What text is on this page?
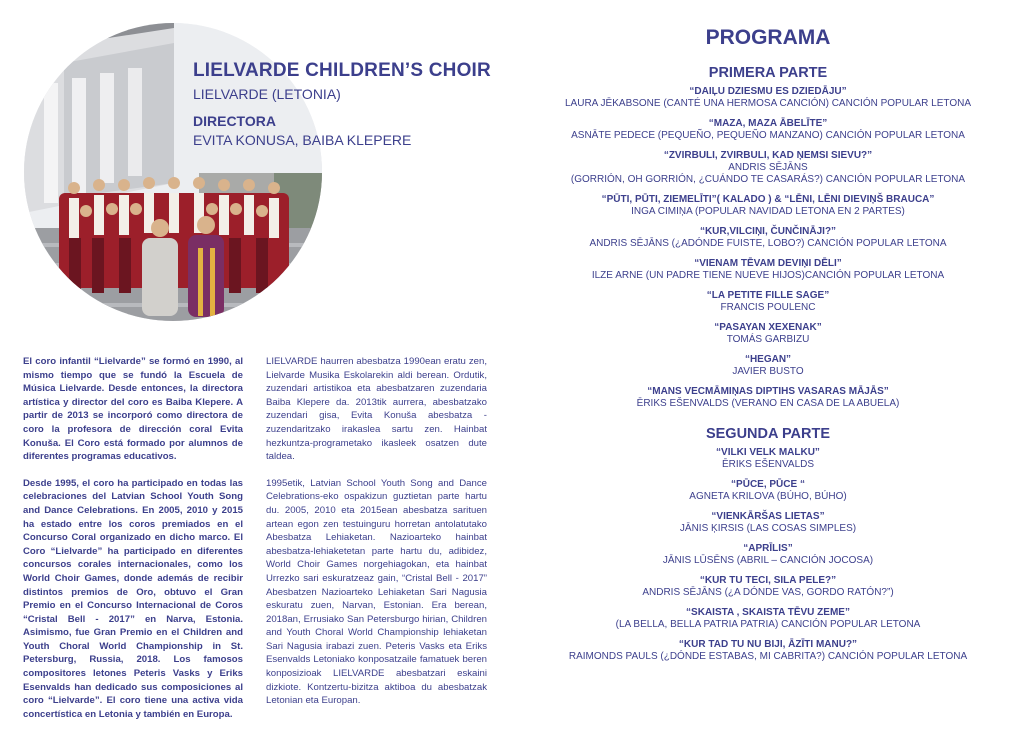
LIELVARDE CHILDREN’S CHOIR
LIELVARDE (LETONIA)
DIRECTORA
EVITA KONUSA, BAIBA KLEPERE

El coro infantil “Lielvarde” se formó en 1990, al mismo tiempo que se fundó la Escuela de Música Lielvarde. Desde entonces, la directora artística y director del coro es Baiba Klepere. A partir de 2013 se incorporó como directora de coro la profesora de dirección coral Evita Konuša. El Coro está formado por alumnos de diferentes programas educativos.

Desde 1995, el coro ha participado en todas las celebraciones del Latvian School Youth Song and Dance Celebrations. En 2005, 2010 y 2015 ha estado entre los coros premiados en el Concurso Coral organizado en dicho marco. El Coro “Lielvarde” ha participado en diferentes concursos corales internacionales, como los World Choir Games, donde además de recibir distintos premios de Oro, obtuvo el Gran Premio en el Concurso Internacional de Coros “Cristal Bell - 2017” en Narva, Estonia. Asimismo, fue Gran Premio en el Children and Youth Choral World Championship in St. Petersburg, Russia, 2018. Los famosos compositores letones Peteris Vasks y Eriks Esenvalds han dedicado sus composiciones al coro “Lielvarde”. El coro tiene una activa vida concertística en Letonia y también en Europa.

LIELVARDE haurren abesbatza 1990ean eratu zen, Lielvarde Musika Eskolarekin aldi berean. Ordutik, zuzendari artistikoa eta abesbatzaren zuzendaria Baiba Klepere da. 2013tik aurrera, abesbatzako zuzendari gisa, Evita Konuša abesbatza -zuzendaritzako irakaslea sartu zen. Hainbat hezkuntza-programetako ikasleek osatzen dute taldea.

1995etik, Latvian School Youth Song and Dance Celebrations-eko ospakizun guztietan parte hartu du. 2005, 2010 eta 2015ean abesbatza sarituen artean egon zen testuinguru horretan antolatutako Abesbatza Lehiaketan. Nazioarteko hainbat abesbatza-lehiaketetan parte hartu du, adibidez, World Choir Games norgehiagokan, eta hainbat Urrezko sari eskuratzeaz gain, “Cristal Bell - 2017” Abesbatzen Nazioarteko Lehiaketan Sari Nagusia eskuratu zuen, Narvan, Estonian. Era berean, 2018an, Errusiako San Petersburgo hirian, Children and Youth Choral World Championship lehiaketan Sari Nagusia irabazi zuen. Peteris Vasks eta Eriks Esenvalds Letoniako konposatzaile famatuek beren konposizioak LIELVARDE abesbatzari eskaini dizkiote. Kontzertu-bizitza aktiboa du abesbatzak Letonian eta Europan.

PROGRAMA
PRIMERA PARTE
“DAIĻU DZIESMU ES DZIEDĀJU”
LAURA JĒKABSONE (CANTÉ UNA HERMOSA CANCIÓN) CANCIÓN POPULAR LETONA
“MAZA, MAZA ĀBELĪTE”
ASNĀTE PEDECE (PEQUEÑO, PEQUEÑO MANZANO) CANCIÓN POPULAR LETONA
“ZVIRBULI, ZVIRBULI, KAD ŅEMSI SIEVU?”
ANDRIS SĒJĀNS
(GORRIÓN, OH GORRIÓN, ¿CUÁNDO TE CASARÁS?) CANCIÓN POPULAR LETONA
“PŪTI, PŪTI, ZIEMELĪTI”( KALADO ) & “LĒNI, LĒNI DIEVIŅŠ BRAUCA”
INGA CIMIŅA (POPULAR NAVIDAD LETONA EN 2 PARTES)
“KUR,VILCIŅI, ČUNČINĀJI?”
ANDRIS SĒJĀNS (¿ADÓNDE FUISTE, LOBO?) CANCIÓN POPULAR LETONA
“VIENAM TĒVAM DEVIŅI DĒLI”
ILZE ARNE (UN PADRE TIENE NUEVE HIJOS)CANCIÓN POPULAR LETONA
“LA PETITE FILLE SAGE”
FRANCIS POULENC
“PASAYAN XEXENAK”
TOMÁS GARBIZU
“HEGAN”
JAVIER BUSTO
“MANS VECMĀMIŅAS DIPTIHS VASARAS MĀJĀS”
ĒRIKS EŠENVALDS (VERANO EN CASA DE LA ABUELA)
SEGUNDA PARTE
“VILKI VELK MALKU”
ĒRIKS EŠENVALDS
“PŪCE, PŪCE “
AGNETA KRILOVA (BÚHO, BÚHO)
“VIENKĀRŠAS LIETAS”
JĀNIS ĶIRSIS (LAS COSAS SIMPLES)
“APRĪLIS”
JĀNIS LŪSĒNS (ABRIL – CANCIÓN JOCOSA)
“KUR TU TECI, SILA PELE?”
ANDRIS SĒJĀNS (¿A DÓNDE VAS, GORDO RATÓN?”)
“SKAISTA , SKAISTA TĒVU ZEME”
(LA BELLA, BELLA PATRIA PATRIA) CANCIÓN POPULAR LETONA
“KUR TAD TU NU BIJI, ĀZĪTI MANU?”
RAIMONDS PAULS (¿DÓNDE ESTABAS, MI CABRITA?) CANCIÓN POPULAR LETONA
